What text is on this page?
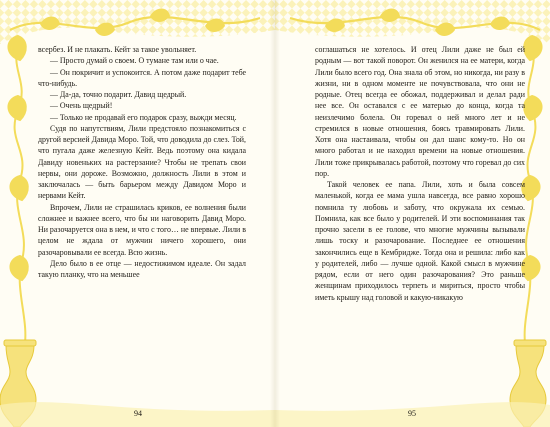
всербез. И не плакать. Кейт за такое увольняет.

— Просто думай о своем. О тумане там или о чае.

— Он покричит и успокоится. А потом даже подарит тебе что-нибудь.

— Да-да, точно подарит. Давид щедрый.

— Очень щедрый!

— Только не продавай его подарок сразу, выжди месяц.

Судя по напутствиям, Лили предстояло познакомиться с другой версией Давида Моро. Той, что доводила до слез. Той, что пугала даже железную Кейт. Ведь поэтому она кидала Давиду новеньких на растерзание? Чтобы не трепать свои нервы, они дороже. Возможно, должность Лили в этом и заключалась — быть барьером между Давидом Моро и нервами Кейт.

Впрочем, Лили не страшилась криков, ее волнения были сложнее и важнее всего, что бы ни наговорить Давид Моро. Ни разочаруется она в нем, и что с того… не впервые. Лили в целом не ждала от мужчин ничего хорошего, они разочаровывали ее всегда. Всю жизнь.

Дело было в ее отце — недостижимом идеале. Он задал такую планку, что на меньшее

94

соглашаться не хотелось. И отец Лили даже не был ей родным — вот такой поворот. Он женился на ее матери, когда Лили было всего год. Она знала об этом, но никогда, ни разу в жизни, ни в одном моменте не почувствовала, что они не родные. Отец всегда ее обожал, поддерживал и делал ради нее все. Он оставался с ее матерью до конца, когда та неизлечимо болела. Он горевал о ней много лет и не стремился в новые отношения, боясь травмировать Лили. Хотя она настаивала, чтобы он дал шанс кому-то. Но он много работал и не находил времени на новые отношения. Лили тоже прикрывалась работой, поэтому что горевал до сих пор.

Такой человек ее папа. Лили, хоть и была совсем маленькой, когда ее мама ушла навсегда, все равно хорошо помнила ту любовь и заботу, что окружала их семью. Помнила, как все было у родителей. И эти воспоминания так прочно засели в ее голове, что многие мужчины вызывали лишь тоску и разочарование. Последнее ее отношения закончились еще в Кембридже. Тогда она и решила: либо как у родителей, либо — лучше одной. Какой смысл в мужчине рядом, если от него один разочарования? Это раньше женщинам приходилось терпеть и мириться, просто чтобы иметь крышу над головой и какую-никакую

95
